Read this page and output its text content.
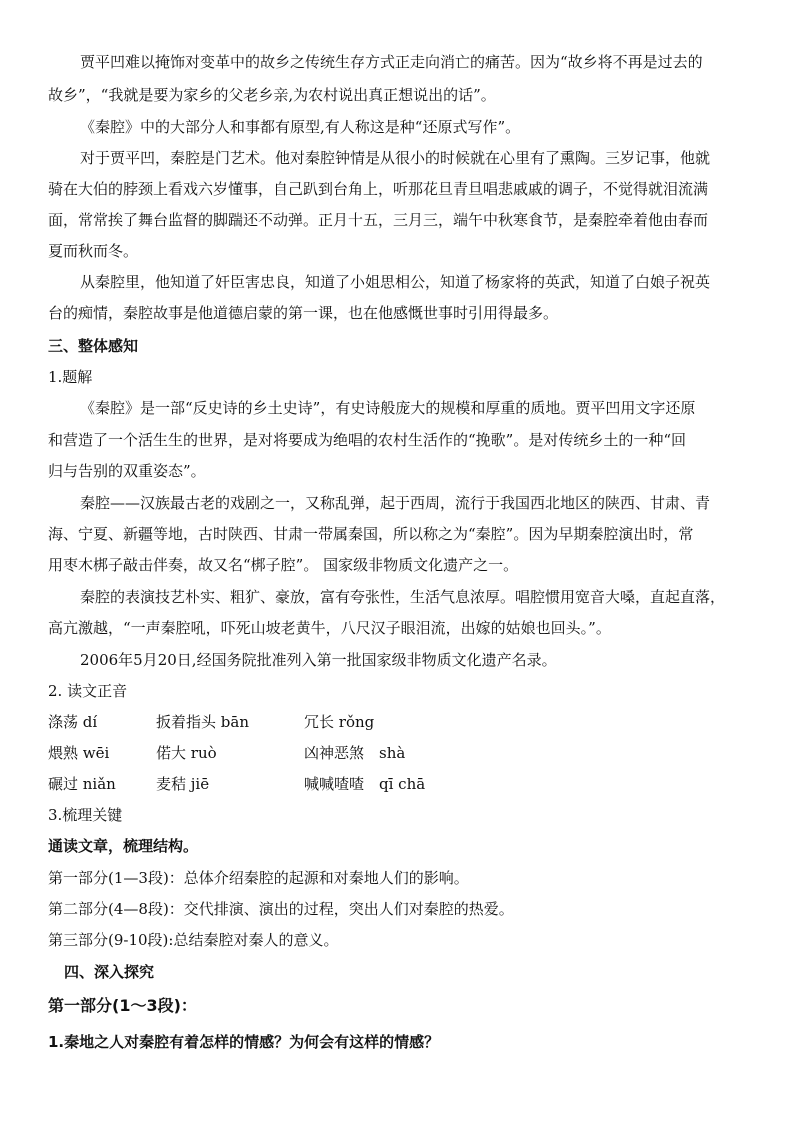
贾平凹难以掩饰对变革中的故乡之传统生存方式正走向消亡的痛苦。因为“故乡将不再是过去的
故乡”，“我就是要为家乡的父老乡亲,为农村说出真正想说出的话”。
《秦腔》中的大部分人和事都有原型,有人称这是种“还原式写作”。
对于贾平凹，秦腔是门艺术。他对秦腔钟情是从很小的时候就在心里有了熏陶。三岁记事，他就
骑在大伯的脖颈上看戏六岁懂事，自己趴到台角上，听那花旦青旦唱悲戚戚的调子，不觉得就泪流满
面，常常挨了舞台监督的脚踹还不动弹。正月十五，三月三，端午中秋寒食节，是秦腔牵着他由春而
夏而秋而冬。
从秦腔里，他知道了奸臣害忠良，知道了小姐思相公，知道了杨家将的英武，知道了白娘子祝英
台的痴情，秦腔故事是他道德启蒙的第一课，也在他感慨世事时引用得最多。
三、整体感知
1.题解
《秦腔》是一部“反史诗的乡土史诗”，有史诗般庞大的规模和厚重的质地。贾平凹用文字还原
和营造了一个活生生的世界，是对将要成为绝唱的农村生活作的“挽歌”。是对传统乡土的一种“回
归与告别的双重姿态”。
秦腔——汉族最古老的戏剧之一，又称乱弹，起于西周，流行于我国西北地区的陕西、甘肃、青
海、宁夏、新疆等地，古时陕西、甘肃一带属秦国，所以称之为“秦腔”。因为早期秦腔演出时，常
用枣木梆子敲击伴奏，故又名“梆子腔”。 国家级非物质文化遗产之一。
秦腔的表演技艺朴实、粗犷、豪放，富有夸张性，生活气息浓厚。唱腔惯用宽音大嗓，直起直落，
高亢激越，“一声秦腔吼，吓死山坡老黄牛，八尺汉子眼泪流，出嫁的姑娘也回头。”。
2006年5月20日,经国务院批准列入第一批国家级非物质文化遗产名录。
2. 读文正音
涤荡 dí	扳着指头 bān	冗长 rǒng
煨熟 wēi	偌大 ruò	凶神恶煞　shà
碾过 niǎn	麦秸 jiē	喊喊喳喳　qī chā
3.梳理关键
通读文章，梳理结构。
第一部分(1—3段)：总体介绍秦腔的起源和对秦地人们的影响。
第二部分(4—8段)：交代排演、演出的过程，突出人们对秦腔的热爱。
第三部分(9-10段):总结秦腔对秦人的意义。
四、深入探究
第一部分(1～3段)：
1.秦地之人对秦腔有着怎样的情感？为何会有这样的情感？
